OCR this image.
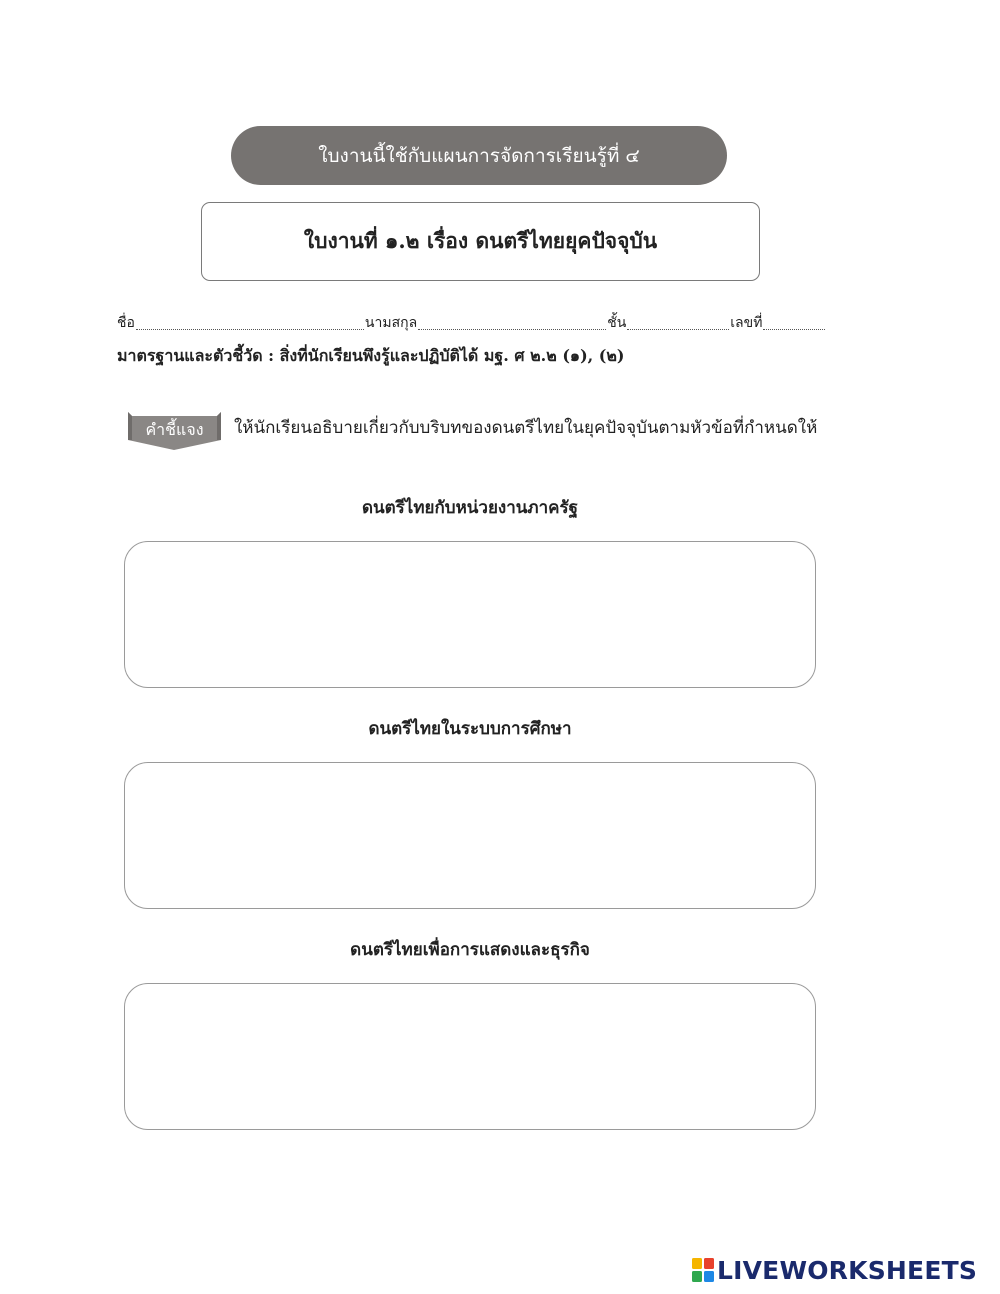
ใบงานนี้ใช้กับแผนการจัดการเรียนรู้ที่ ๔
ใบงานที่ ๑.๒ เรื่อง ดนตรีไทยยุคปัจจุบัน
ชื่อ	นามสกุล	ชั้น	เลขที่
มาตรฐานและตัวชี้วัด : สิ่งที่นักเรียนพึงรู้และปฏิบัติได้ มฐ. ศ ๒.๒ (๑), (๒)
คำชี้แจง ให้นักเรียนอธิบายเกี่ยวกับบริบทของดนตรีไทยในยุคปัจจุบันตามหัวข้อที่กำหนดให้
ดนตรีไทยกับหน่วยงานภาครัฐ
ดนตรีไทยในระบบการศึกษา
ดนตรีไทยเพื่อการแสดงและธุรกิจ
LIVEWORKSHEETS
